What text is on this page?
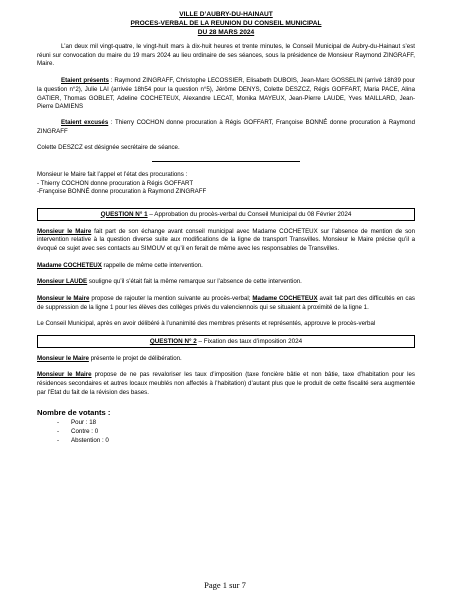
VILLE D’AUBRY-DU-HAINAUT
PROCES-VERBAL DE LA REUNION DU CONSEIL MUNICIPAL
DU 28 MARS 2024

L’an deux mil vingt-quatre, le vingt-huit mars à dix-huit heures et trente minutes, le Conseil Municipal de Aubry-du-Hainaut s’est réuni sur convocation du maire du 19 mars 2024 au lieu ordinaire de ses séances, sous la présidence de Monsieur Raymond ZINGRAFF, Maire.

Etaient présents : Raymond ZINGRAFF, Christophe LECOSSIER, Elisabeth DUBOIS, Jean-Marc GOSSELIN (arrivé 18h39 pour la question n°2), Julie LAI (arrivée 18h54 pour la question n°5), Jérôme DENYS, Colette DESZCZ, Régis GOFFART, Maria PACE, Alina GATIER, Thomas GOBLET, Adeline COCHETEUX, Alexandre LECAT, Monika MAYEUX, Jean-Pierre LAUDE, Yves MAILLARD, Jean-Pierre DAMIENS

Etaient excusés : Thierry COCHON donne procuration à Régis GOFFART, Françoise BONNÉ donne procuration à Raymond ZINGRAFF

Colette DESZCZ est désignée secrétaire de séance.

Monsieur le Maire fait l’appel et l’état des procurations :

- Thierry COCHON donne procuration à Régis GOFFART

-Françoise BONNÉ donne procuration à Raymond ZINGRAFF

QUESTION N° 1 – Approbation du procès-verbal du Conseil Municipal du 08 Février 2024

Monsieur le Maire fait part de son échange avant conseil municipal avec Madame COCHETEUX sur l’absence de mention de son intervention relative à la question diverse suite aux modifications de la ligne de transport Transvilles. Monsieur le Maire précise qu’il a évoqué ce sujet avec ses contacts au SIMOUV et qu’il en ferait de même avec les responsables de Transvilles.

Madame COCHETEUX rappelle de même cette intervention.

Monsieur LAUDE souligne qu’il s’était fait la même remarque sur l’absence de cette intervention.

Monsieur le Maire propose de rajouter la mention suivante au procès-verbal; Madame COCHETEUX avait fait part des difficultés en cas de suppression de la ligne 1 pour les élèves des collèges privés du valenciennois qui se situaient à proximité de la ligne 1.

Le Conseil Municipal, après en avoir délibéré à l’unanimité des membres présents et représentés, approuve le procès-verbal

QUESTION N° 2 – Fixation des taux d’imposition 2024

Monsieur le Maire présente le projet de délibération.

Monsieur le Maire propose de ne pas revaloriser les taux d’imposition (taxe foncière bâtie et non bâtie, taxe d’habitation pour les résidences secondaires et autres locaux meublés non affectés à l’habitation) d’autant plus que le produit de cette fiscalité sera augmentée par l’Etat du fait de la révision des bases.

Nombre de votants :

- Pour : 18
- Contre : 0
- Abstention : 0
Page 1 sur 7
